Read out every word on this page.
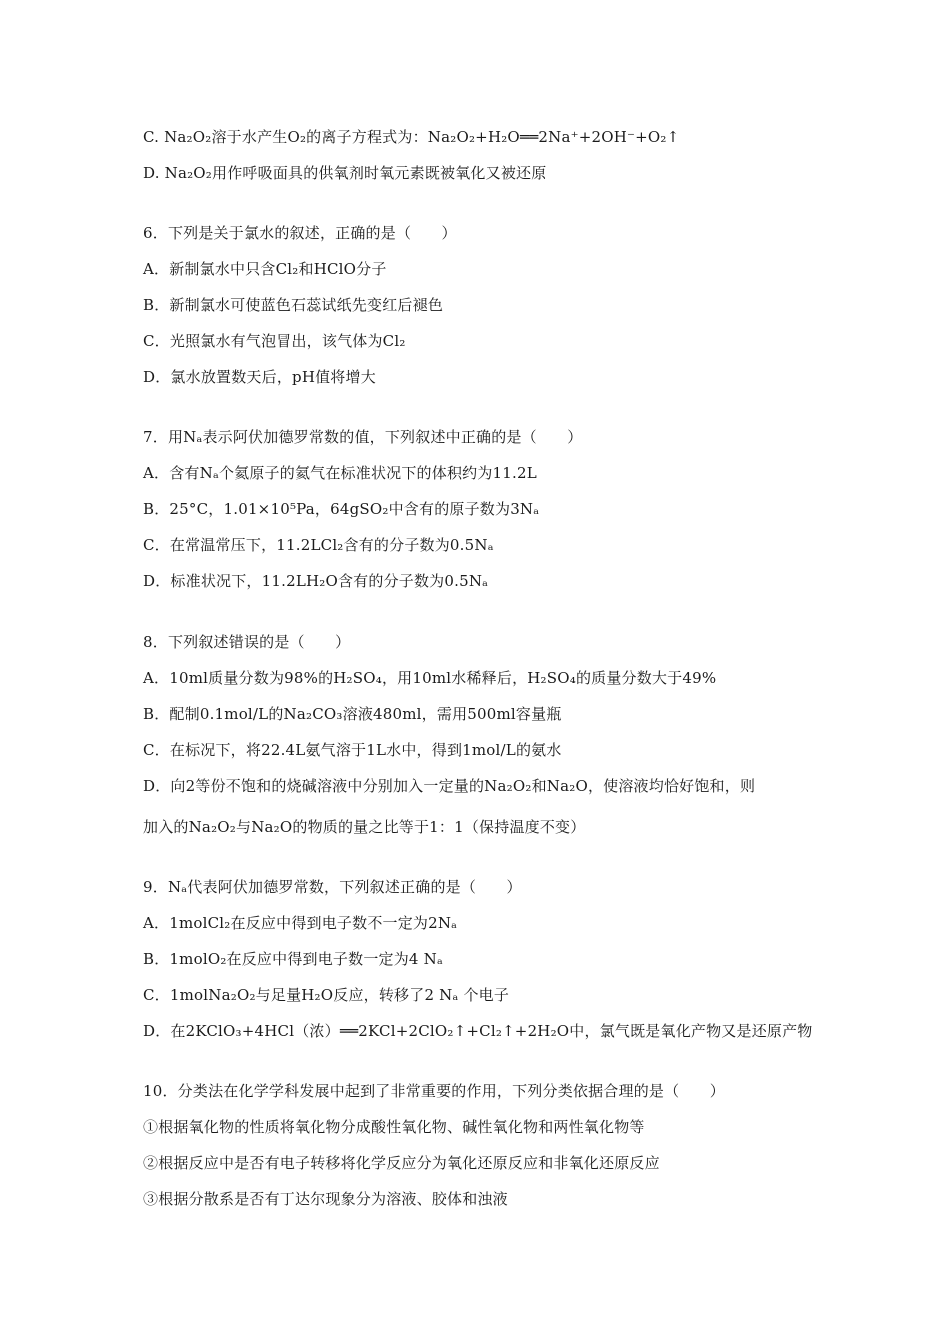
C. Na₂O₂溶于水产生O₂的离子方程式为：Na₂O₂+H₂O══2Na⁺+2OH⁻+O₂↑
D. Na₂O₂用作呼吸面具的供氧剂时氧元素既被氧化又被还原
6．下列是关于氯水的叙述，正确的是（　　）
A．新制氯水中只含Cl₂和HClO分子
B．新制氯水可使蓝色石蕊试纸先变红后褪色
C．光照氯水有气泡冒出，该气体为Cl₂
D．氯水放置数天后，pH值将增大
7．用Nₐ表示阿伏加德罗常数的值，下列叙述中正确的是（　　）
A．含有Nₐ个氦原子的氦气在标准状况下的体积约为11.2L
B．25°C，1.01×10⁵Pa，64gSO₂中含有的原子数为3Nₐ
C．在常温常压下，11.2LCl₂含有的分子数为0.5Nₐ
D．标准状况下，11.2LH₂O含有的分子数为0.5Nₐ
8．下列叙述错误的是（　　）
A．10ml质量分数为98%的H₂SO₄，用10ml水稀释后，H₂SO₄的质量分数大于49%
B．配制0.1mol/L的Na₂CO₃溶液480ml，需用500ml容量瓶
C．在标况下，将22.4L氨气溶于1L水中，得到1mol/L的氨水
D．向2等份不饱和的烧碱溶液中分别加入一定量的Na₂O₂和Na₂O，使溶液均恰好饱和，则
加入的Na₂O₂与Na₂O的物质的量之比等于1：1（保持温度不变）
9．Nₐ代表阿伏加德罗常数，下列叙述正确的是（　　）
A．1molCl₂在反应中得到电子数不一定为2Nₐ
B．1molO₂在反应中得到电子数一定为4 Nₐ
C．1molNa₂O₂与足量H₂O反应，转移了2 Nₐ 个电子
D．在2KClO₃+4HCl（浓）══2KCl+2ClO₂↑+Cl₂↑+2H₂O中，氯气既是氧化产物又是还原产物
10．分类法在化学学科发展中起到了非常重要的作用，下列分类依据合理的是（　　）
①根据氧化物的性质将氧化物分成酸性氧化物、碱性氧化物和两性氧化物等
②根据反应中是否有电子转移将化学反应分为氧化还原反应和非氧化还原反应
③根据分散系是否有丁达尔现象分为溶液、胶体和浊液
